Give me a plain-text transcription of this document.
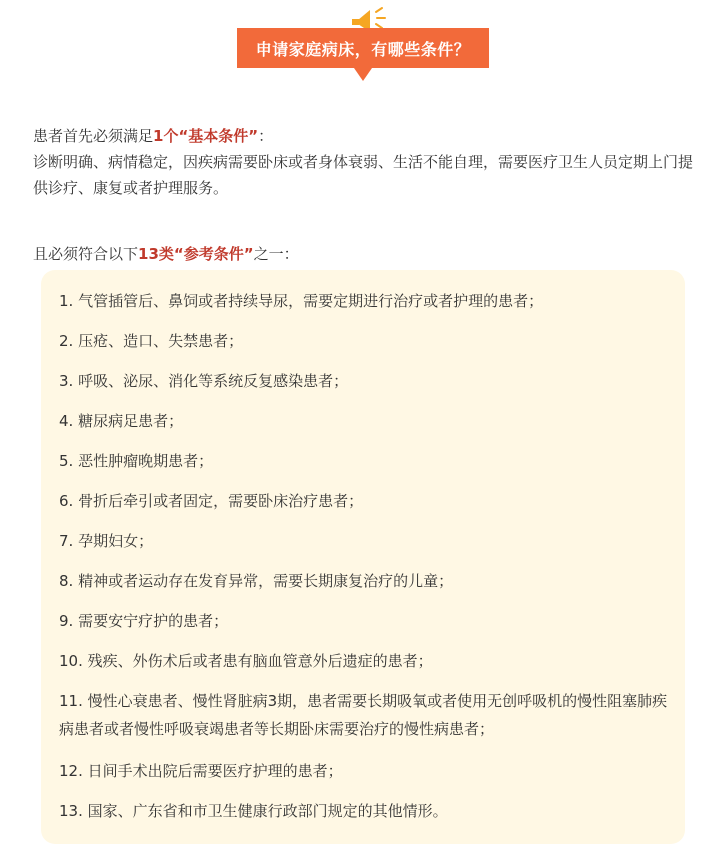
申请家庭病床，有哪些条件？
患者首先必须满足1个“基本条件”：
诊断明确、病情稳定，因疾病需要卧床或者身体衰弱、生活不能自理，需要医疗卫生人员定期上门提供诊疗、康复或者护理服务。
且必须符合以下13类“参考条件”之一：
1. 气管插管后、鼻饲或者持续导尿，需要定期进行治疗或者护理的患者；
2. 压疮、造口、失禁患者；
3. 呼吸、泌尿、消化等系统反复感染患者；
4. 糖尿病足患者；
5. 恶性肿瘤晚期患者；
6. 骨折后牵引或者固定，需要卧床治疗患者；
7. 孕期妇女；
8. 精神或者运动存在发育异常，需要长期康复治疗的儿童；
9. 需要安宁疗护的患者；
10. 残疾、外伤术后或者患有脑血管意外后遗症的患者；
11. 慢性心衰患者、慢性肾脏病3期，患者需要长期吸氧或者使用无创呼吸机的慢性阻塞肺疾病患者或者慢性呼吸衰竭患者等长期卧床需要治疗的慢性病患者；
12. 日间手术出院后需要医疗护理的患者；
13. 国家、广东省和市卫生健康行政部门规定的其他情形。
